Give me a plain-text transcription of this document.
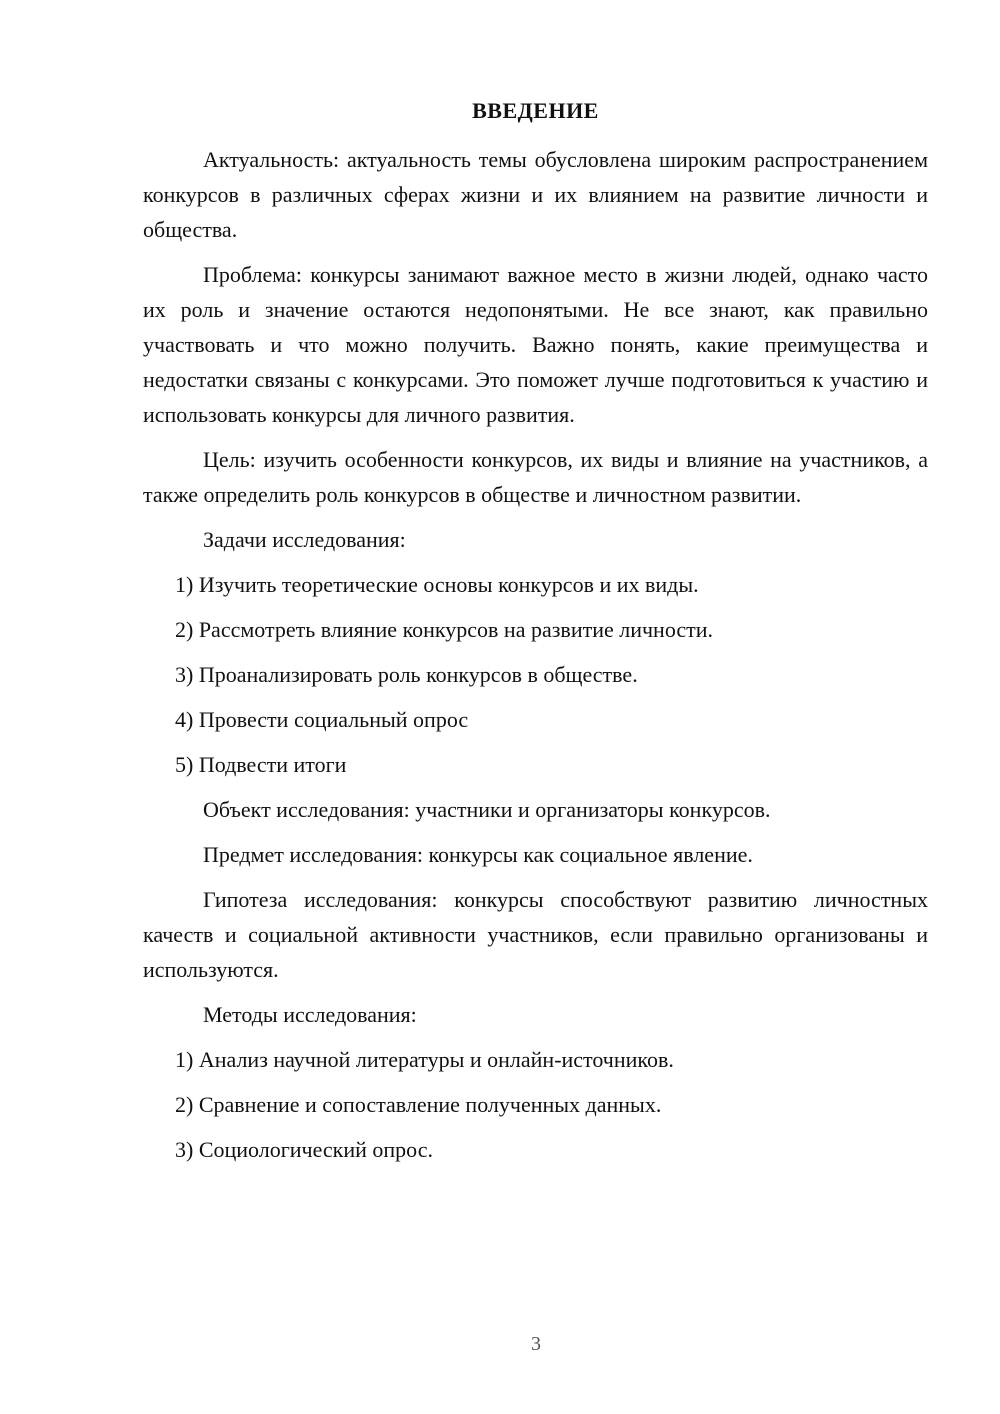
ВВЕДЕНИЕ

Актуальность: актуальность темы обусловлена широким распространением конкурсов в различных сферах жизни и их влиянием на развитие личности и общества.

Проблема: конкурсы занимают важное место в жизни людей, однако часто их роль и значение остаются недопонятыми. Не все знают, как правильно участвовать и что можно получить. Важно понять, какие преимущества и недостатки связаны с конкурсами. Это поможет лучше подготовиться к участию и использовать конкурсы для личного развития.

Цель: изучить особенности конкурсов, их виды и влияние на участников, а также определить роль конкурсов в обществе и личностном развитии.

Задачи исследования:

1) Изучить теоретические основы конкурсов и их виды.
2) Рассмотреть влияние конкурсов на развитие личности.
3) Проанализировать роль конкурсов в обществе.
4) Провести социальный опрос
5) Подвести итоги

Объект исследования: участники и организаторы конкурсов.

Предмет исследования: конкурсы как социальное явление.

Гипотеза исследования: конкурсы способствуют развитию личностных качеств и социальной активности участников, если правильно организованы и используются.

Методы исследования:

1) Анализ научной литературы и онлайн-источников.
2) Сравнение и сопоставление полученных данных.
3) Социологический опрос.
3
